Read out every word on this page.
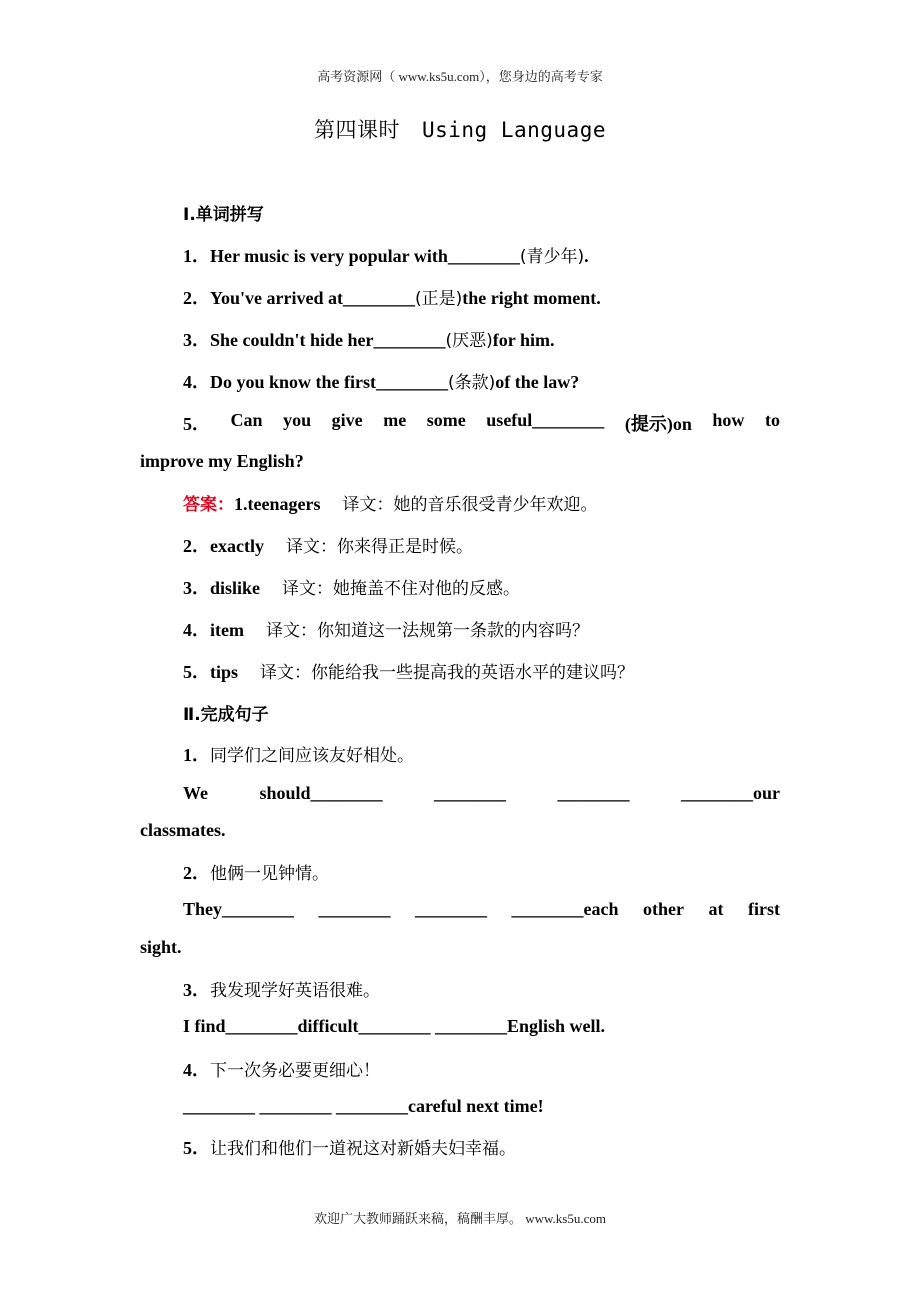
高考资源网（ www.ks5u.com），您身边的高考专家
第四课时 Using Language
Ⅰ.单词拼写
1．Her music is very popular with________(青少年).
2．You've arrived at________(正是)the right moment.
3．She couldn't hide her________(厌恶)for him.
4．Do you know the first________(条款)of the law?
5． Can you give me some useful________ (提示)on how to
improve my English?
答案：1.teenagers 译文：她的音乐很受青少年欢迎。
2．exactly 译文：你来得正是时候。
3．dislike 译文：她掩盖不住对他的反感。
4．item 译文：你知道这一法规第一条款的内容吗？
5．tips 译文：你能给我一些提高我的英语水平的建议吗？
Ⅱ.完成句子
1．同学们之间应该友好相处。
We	should________	________	________	________our
classmates.
2．他俩一见钟情。
They________ ________ ________ ________each other at first
sight.
3．我发现学好英语很难。
I find________difficult________ ________English well.
4．下一次务必要更细心！
________ ________ ________careful next time!
5．让我们和他们一道祝这对新婚夫妇幸福。
欢迎广大教师踊跃来稿，稿酬丰厚。 www.ks5u.com
